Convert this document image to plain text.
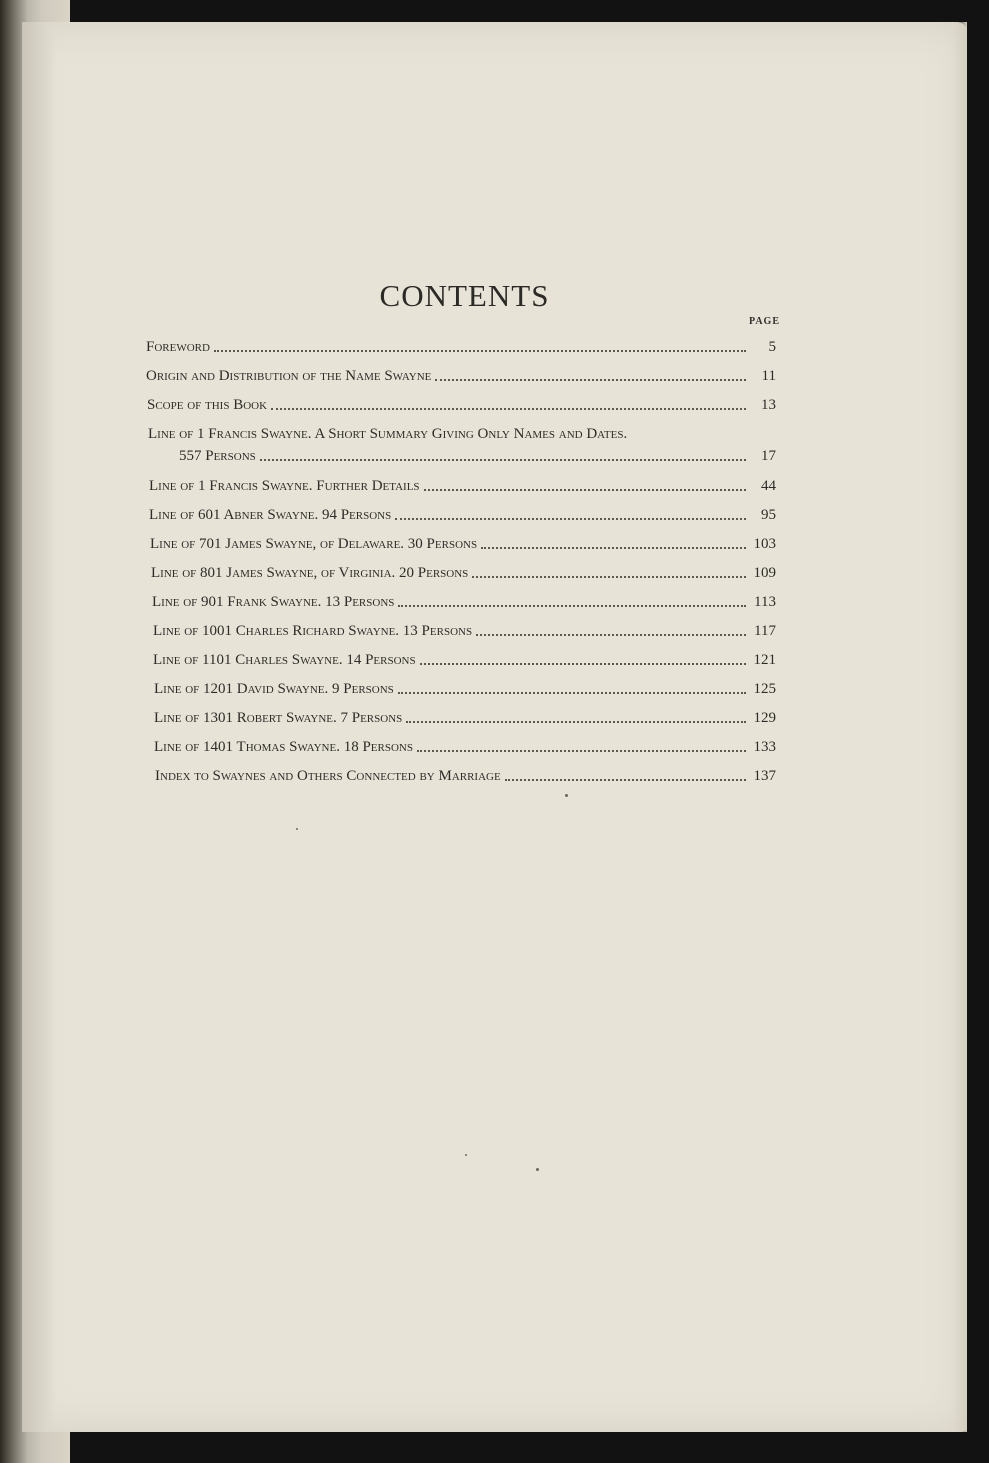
CONTENTS
PAGE
Foreword	5
Origin and Distribution of the Name Swayne	11
Scope of this Book	13
Line of 1 Francis Swayne. A Short Summary Giving Only Names and Dates.
557 Persons	17
Line of 1 Francis Swayne. Further Details	44
Line of 601 Abner Swayne. 94 Persons	95
Line of 701 James Swayne, of Delaware. 30 Persons	103
Line of 801 James Swayne, of Virginia. 20 Persons	109
Line of 901 Frank Swayne. 13 Persons	113
Line of 1001 Charles Richard Swayne. 13 Persons	117
Line of 1101 Charles Swayne. 14 Persons	121
Line of 1201 David Swayne. 9 Persons	125
Line of 1301 Robert Swayne. 7 Persons	129
Line of 1401 Thomas Swayne. 18 Persons	133
Index to Swaynes and Others Connected by Marriage	137
